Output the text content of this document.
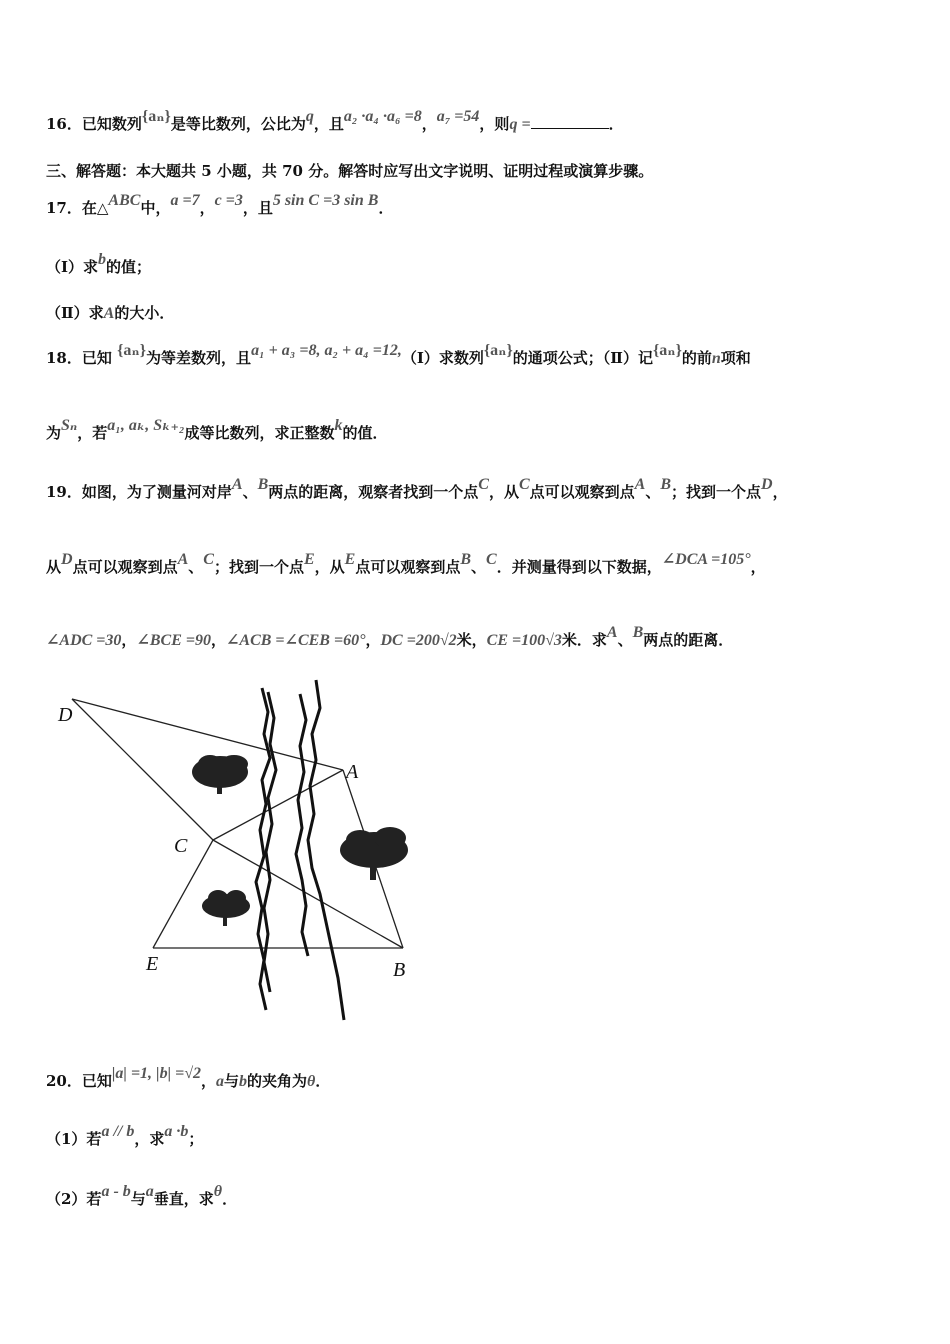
16．已知数列{aₙ}是等比数列，公比为q，且a₂ ·a₄ ·a₆ =8，a₇ =54，则q =	．
三、解答题：本大题共 5 小题，共 70 分。解答时应写出文字说明、证明过程或演算步骤。
17．在△ABC中，a =7，c =3，且5 sin C =3 sin B．
（Ⅰ）求b的值；
（Ⅱ）求A的大小．
18．已知 {aₙ}为等差数列，且a₁ + a₃ =8, a₂ + a₄ =12,（Ⅰ）求数列{aₙ}的通项公式；（Ⅱ）记{aₙ}的前n项和
为Sₙ，若a₁, aₖ, Sₖ₊₂成等比数列，求正整数k的值．
19．如图，为了测量河对岸A、B两点的距离，观察者找到一个点C，从C点可以观察到点A、B；找到一个点D，
从D点可以观察到点A、C；找到一个点E，从E点可以观察到点B、C．并测量得到以下数据，∠DCA =105°，
∠ADC =30，∠BCE =90，∠ACB =∠CEB =60°，DC =200√2米，CE =100√3米．求A、B两点的距离．
D
A
C
E	B
20．已知|a| =1, |b| =√2，a与b的夹角为θ．
（1）若a // b，求a ·b；
（2）若a - b与a垂直，求θ．
